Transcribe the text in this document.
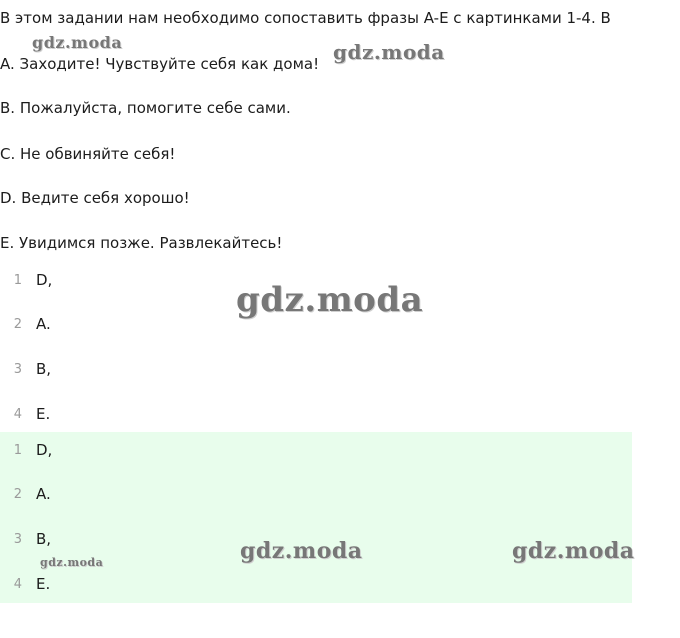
В этом задании нам необходимо сопоставить фразы A-E с картинками 1-4. В
A. Заходите! Чувствуйте себя как дома!
B. Пожалуйста, помогите себе сами.
C. Не обвиняйте себя!
D. Ведите себя хорошо!
E. Увидимся позже. Развлекайтесь!
1 D,
2 A.
3 B,
4 E.
1 D,
2 A.
3 B,
4 E.
gdz.moda	gdz.moda
gdz.moda
gdz.moda	gdz.moda
gdz.moda
